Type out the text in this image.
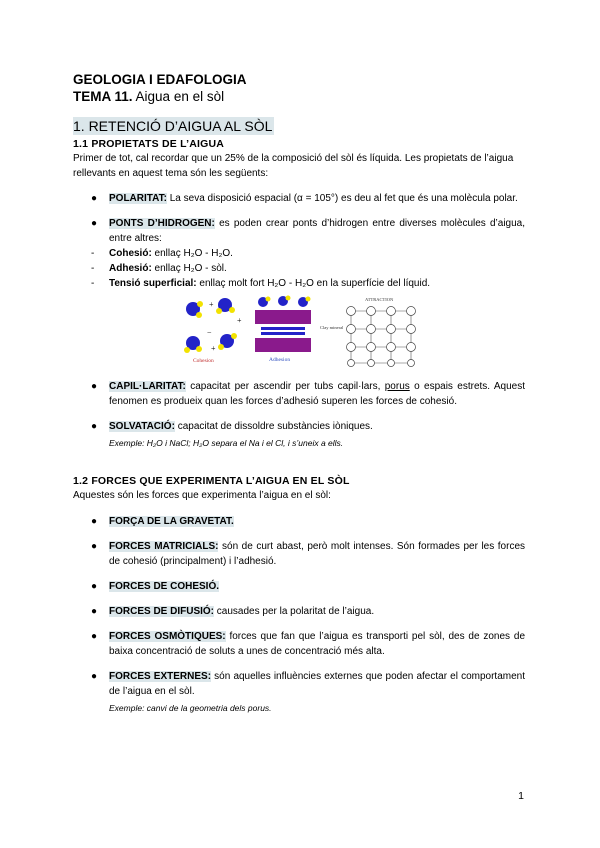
GEOLOGIA I EDAFOLOGIA

TEMA 11. Aigua en el sòl

1. RETENCIÓ D’AIGUA AL SÒL
1.1 PROPIETATS DE L’AIGUA

Primer de tot, cal recordar que un 25% de la composició del sòl és líquida. Les propietats de l’aigua rellevants en aquest tema són les següents:

● POLARITAT: La seva disposició espacial (α = 105°) es deu al fet que és una molècula polar.
● PONTS D’HIDROGEN: es poden crear ponts d’hidrogen entre diverses molècules d’aigua, entre altres:
- Cohesió: enllaç H₂O - H₂O.
- Adhesió: enllaç H₂O - sòl.
- Tensió superficial: enllaç molt fort H₂O - H₂O en la superfície del líquid.
+
−
+
+
Cohesion	Adhesion
Clay mineral
ATTRACTION
● CAPIL·LARITAT: capacitat per ascendir per tubs capil·lars, porus o espais estrets. Aquest fenomen es produeix quan les forces d’adhesió superen les forces de cohesió.
● SOLVATACIÓ: capacitat de dissoldre substàncies iòniques.
Exemple: H₂O i NaCl; H₂O separa el Na i el Cl, i s’uneix a ells.
1.2 FORCES QUE EXPERIMENTA L’AIGUA EN EL SÒL

Aquestes són les forces que experimenta l’aigua en el sòl:

● FORÇA DE LA GRAVETAT.
● FORCES MATRICIALS: són de curt abast, però molt intenses. Són formades per les forces de cohesió (principalment) i l’adhesió.
● FORCES DE COHESIÓ.
● FORCES DE DIFUSIÓ: causades per la polaritat de l’aigua.
● FORCES OSMÒTIQUES: forces que fan que l’aigua es transporti pel sòl, des de zones de baixa concentració de soluts a unes de concentració més alta.
● FORCES EXTERNES: són aquelles influències externes que poden afectar el comportament de l’aigua en el sòl.
Exemple: canvi de la geometria dels porus.
1
